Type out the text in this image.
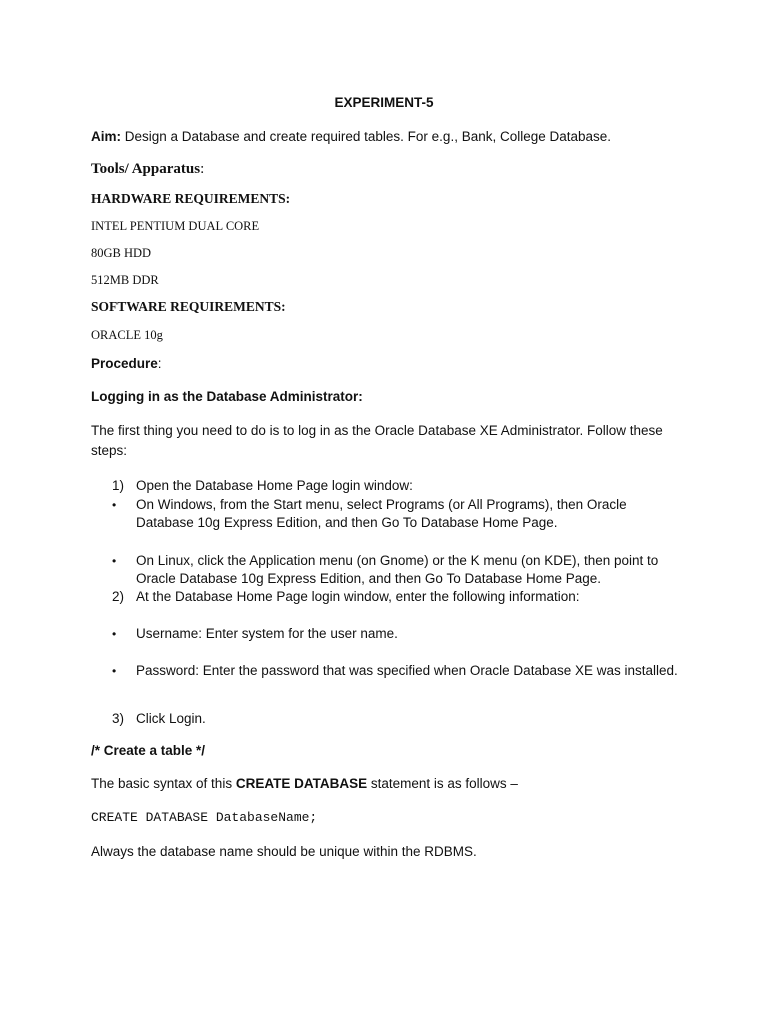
EXPERIMENT-5
Aim: Design a Database and create required tables. For e.g., Bank, College Database.
Tools/ Apparatus:
HARDWARE REQUIREMENTS:
INTEL PENTIUM DUAL CORE
80GB HDD
512MB DDR
SOFTWARE REQUIREMENTS:
ORACLE 10g
Procedure:
Logging in as the Database Administrator:
The first thing you need to do is to log in as the Oracle Database XE Administrator. Follow these steps:
1) Open the Database Home Page login window:
•	On Windows, from the Start menu, select Programs (or All Programs), then Oracle Database 10g Express Edition, and then Go To Database Home Page.
•	On Linux, click the Application menu (on Gnome) or the K menu (on KDE), then point to Oracle Database 10g Express Edition, and then Go To Database Home Page.
2) At the Database Home Page login window, enter the following information:
•	Username: Enter system for the user name.
•	Password: Enter the password that was specified when Oracle Database XE was installed.
3) Click Login.
/* Create a table */
The basic syntax of this CREATE DATABASE statement is as follows –
CREATE DATABASE DatabaseName;
Always the database name should be unique within the RDBMS.
